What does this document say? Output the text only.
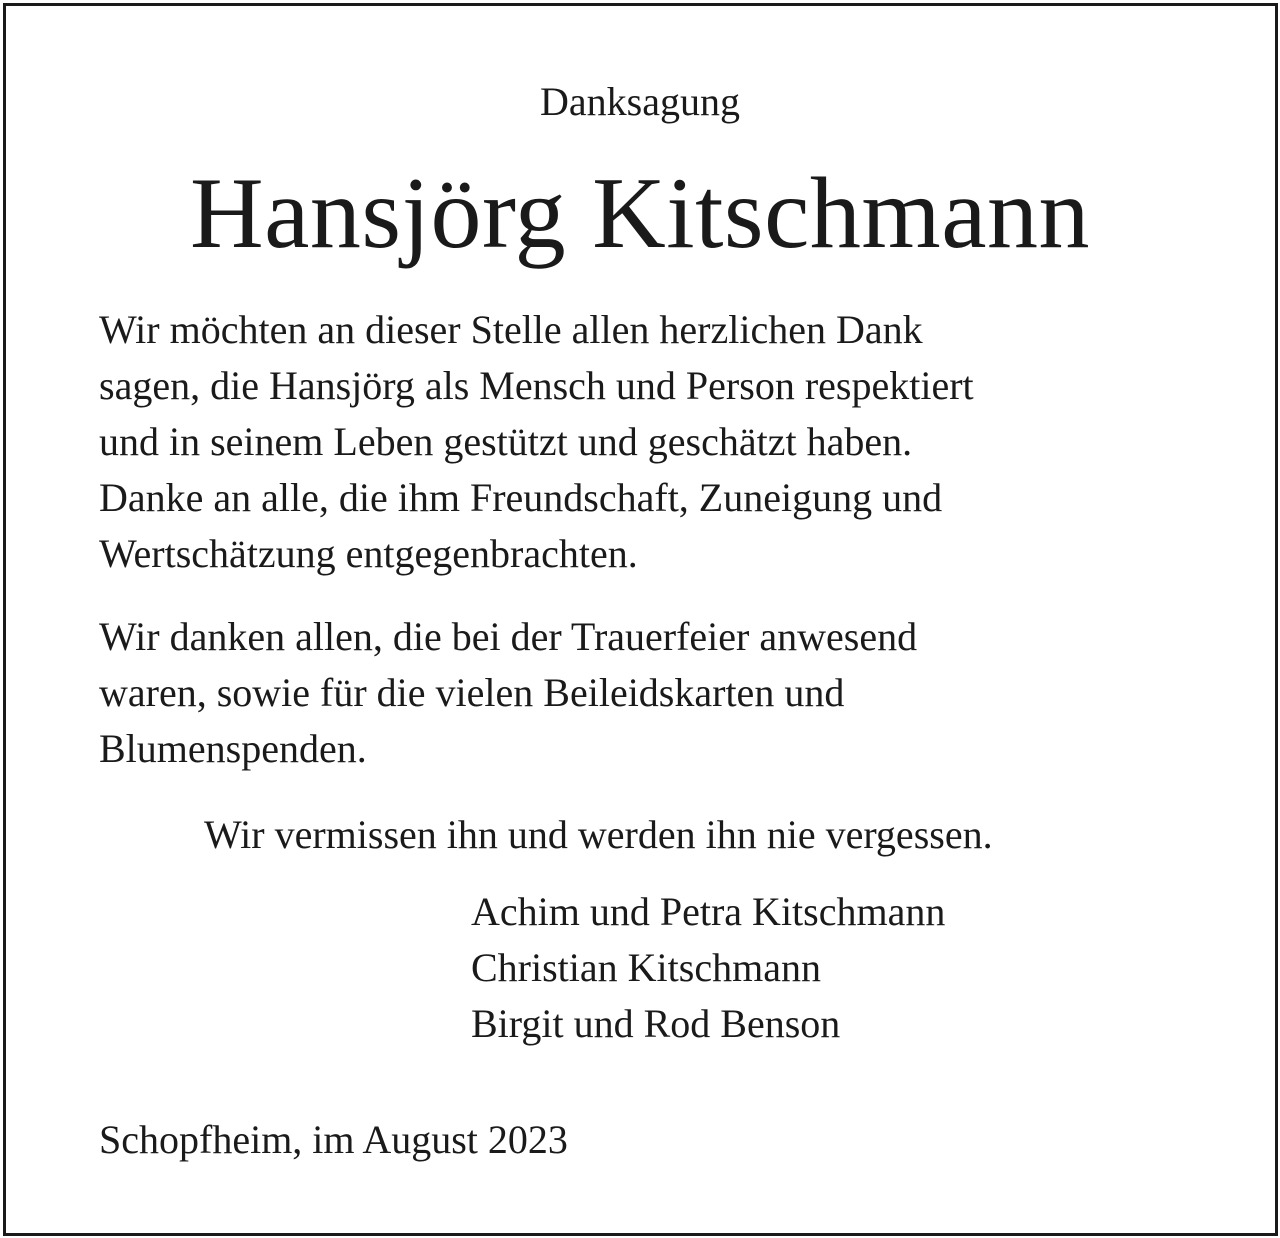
Danksagung
Hansjörg Kitschmann
Wir möchten an dieser Stelle allen herzlichen Dank
sagen, die Hansjörg als Mensch und Person respektiert
und in seinem Leben gestützt und geschätzt haben.
Danke an alle, die ihm Freundschaft, Zuneigung und
Wertschätzung entgegenbrachten.
Wir danken allen, die bei der Trauerfeier anwesend
waren, sowie für die vielen Beileidskarten und
Blumenspenden.
Wir vermissen ihn und werden ihn nie vergessen.
Achim und Petra Kitschmann
Christian Kitschmann
Birgit und Rod Benson
Schopfheim, im August 2023
